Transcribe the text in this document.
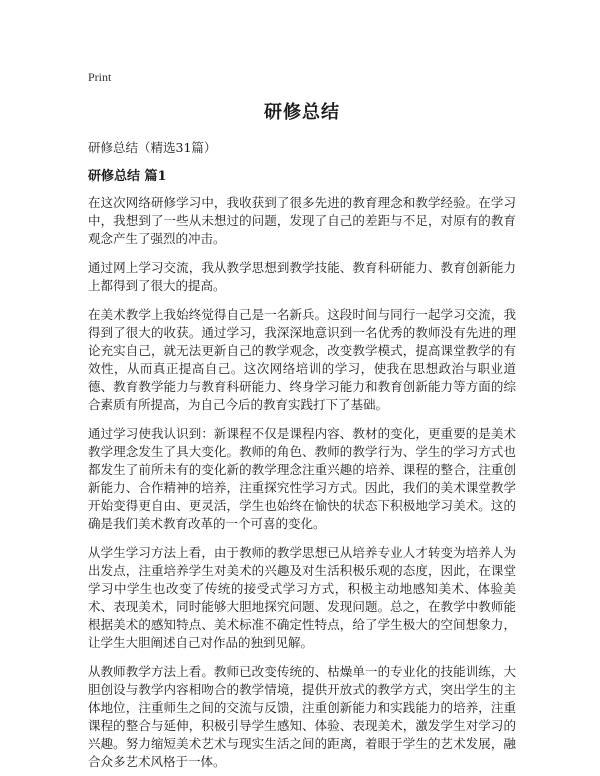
Print
研修总结
研修总结（精选31篇）
研修总结 篇1

在这次网络研修学习中，我收获到了很多先进的教育理念和教学经验。在学习中，我想到了一些从未想过的问题，发现了自己的差距与不足，对原有的教育观念产生了强烈的冲击。

通过网上学习交流，我从教学思想到教学技能、教育科研能力、教育创新能力上都得到了很大的提高。

在美术教学上我始终觉得自己是一名新兵。这段时间与同行一起学习交流，我得到了很大的收获。通过学习，我深深地意识到一名优秀的教师没有先进的理论充实自己，就无法更新自己的教学观念，改变教学模式，提高课堂教学的有效性，从而真正提高自己。这次网络培训的学习，使我在思想政治与职业道德、教育教学能力与教育科研能力、终身学习能力和教育创新能力等方面的综合素质有所提高，为自己今后的教育实践打下了基础。

通过学习使我认识到：新课程不仅是课程内容、教材的变化，更重要的是美术教学理念发生了具大变化。教师的角色、教师的教学行为、学生的学习方式也都发生了前所未有的变化新的教学理念注重兴趣的培养、课程的整合，注重创新能力、合作精神的培养，注重探究性学习方式。因此，我们的美术课堂教学开始变得更自由、更灵活，学生也始终在愉快的状态下积极地学习美术。这的确是我们美术教育改革的一个可喜的变化。

从学生学习方法上看，由于教师的教学思想已从培养专业人才转变为培养人为出发点，注重培养学生对美术的兴趣及对生活积极乐观的态度，因此，在课堂学习中学生也改变了传统的接受式学习方式，积极主动地感知美术、体验美术、表现美术，同时能够大胆地探究问题、发现问题。总之，在教学中教师能根据美术的感知特点、美术标准不确定性特点，给了学生极大的空间想象力，让学生大胆阐述自己对作品的独到见解。

从教师教学方法上看。教师已改变传统的、枯燥单一的专业化的技能训练，大胆创设与教学内容相吻合的教学情境，提供开放式的教学方式，突出学生的主体地位，注重师生之间的交流与反馈，注重创新能力和实践能力的培养，注重课程的整合与延伸，积极引导学生感知、体验、表现美术，激发学生对学习的兴趣。努力缩短美术艺术与现实生活之间的距离，着眼于学生的艺术发展，融合众多艺术风格于一体。
